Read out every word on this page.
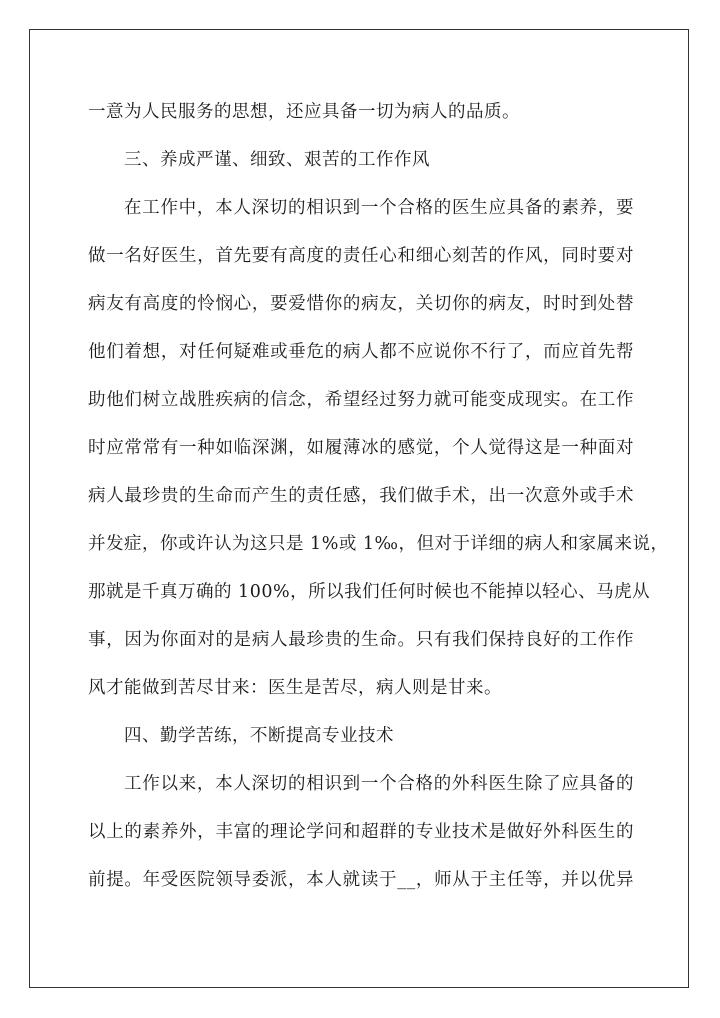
一意为人民服务的思想，还应具备一切为病人的品质。
三、养成严谨、细致、艰苦的工作作风
在工作中，本人深切的相识到一个合格的医生应具备的素养，要
做一名好医生，首先要有高度的责任心和细心刻苦的作风，同时要对
病友有高度的怜悯心，要爱惜你的病友，关切你的病友，时时到处替
他们着想，对任何疑难或垂危的病人都不应说你不行了，而应首先帮
助他们树立战胜疾病的信念，希望经过努力就可能变成现实。在工作
时应常常有一种如临深渊，如履薄冰的感觉，个人觉得这是一种面对
病人最珍贵的生命而产生的责任感，我们做手术，出一次意外或手术
并发症，你或许认为这只是 1%或 1‰，但对于详细的病人和家属来说，
那就是千真万确的 100%，所以我们任何时候也不能掉以轻心、马虎从
事，因为你面对的是病人最珍贵的生命。只有我们保持良好的工作作
风才能做到苦尽甘来：医生是苦尽，病人则是甘来。
四、勤学苦练，不断提高专业技术
工作以来，本人深切的相识到一个合格的外科医生除了应具备的
以上的素养外，丰富的理论学问和超群的专业技术是做好外科医生的
前提。年受医院领导委派，本人就读于__，师从于主任等，并以优异
